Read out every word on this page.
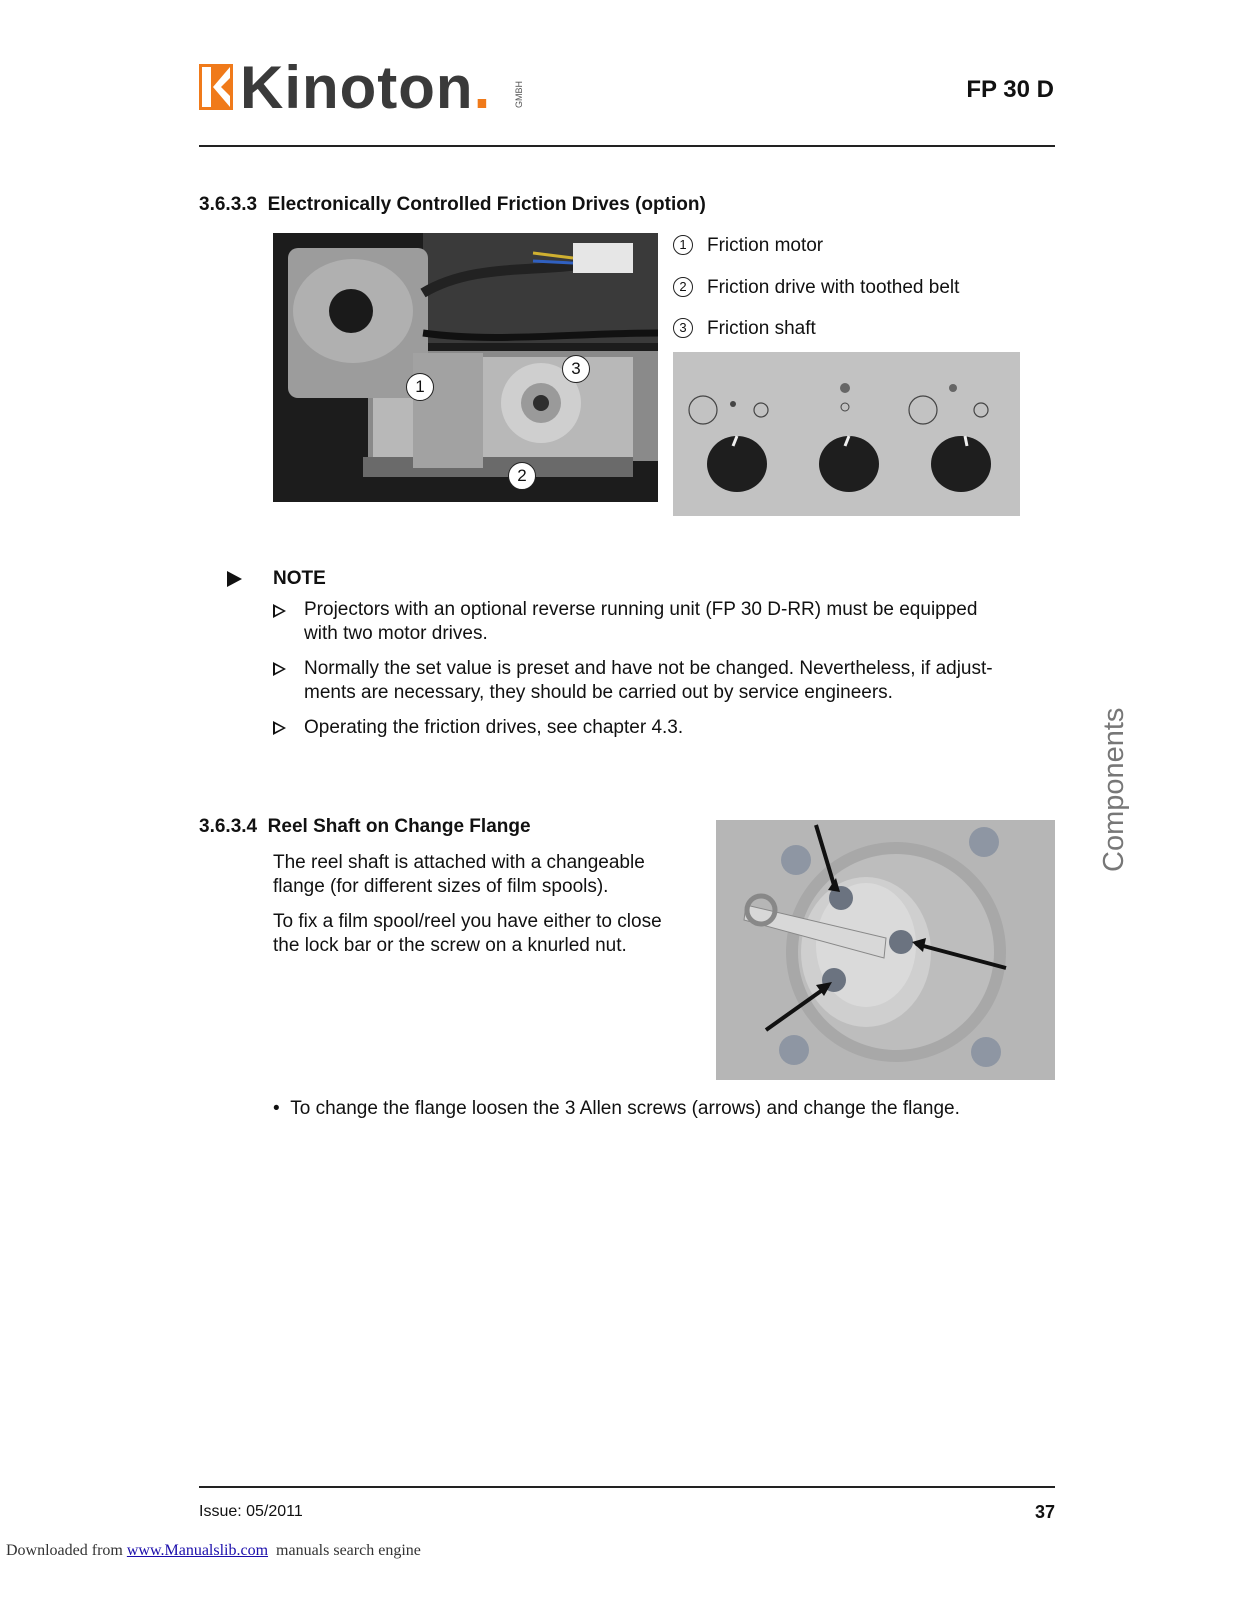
Kinoton.	GMBH	FP 30 D
3.6.3.3 Electronically Controlled Friction Drives (option)
1
2
3
1 Friction motor
2 Friction drive with toothed belt
3 Friction shaft
NOTE
Projectors with an optional reverse running unit (FP 30 D-RR) must be equipped
with two motor drives.
Normally the set value is preset and have not be changed. Nevertheless, if adjust-
ments are necessary, they should be carried out by service engineers.
Operating the friction drives, see chapter 4.3.
3.6.3.4 Reel Shaft on Change Flange
The reel shaft is attached with a changeable
flange (for different sizes of film spools).
To fix a film spool/reel you have either to close
the lock bar or the screw on a knurled nut.
• To change the flange loosen the 3 Allen screws (arrows) and change the flange.
Components
Issue: 05/2011	37
Downloaded from www.Manualslib.com  manuals search engine
